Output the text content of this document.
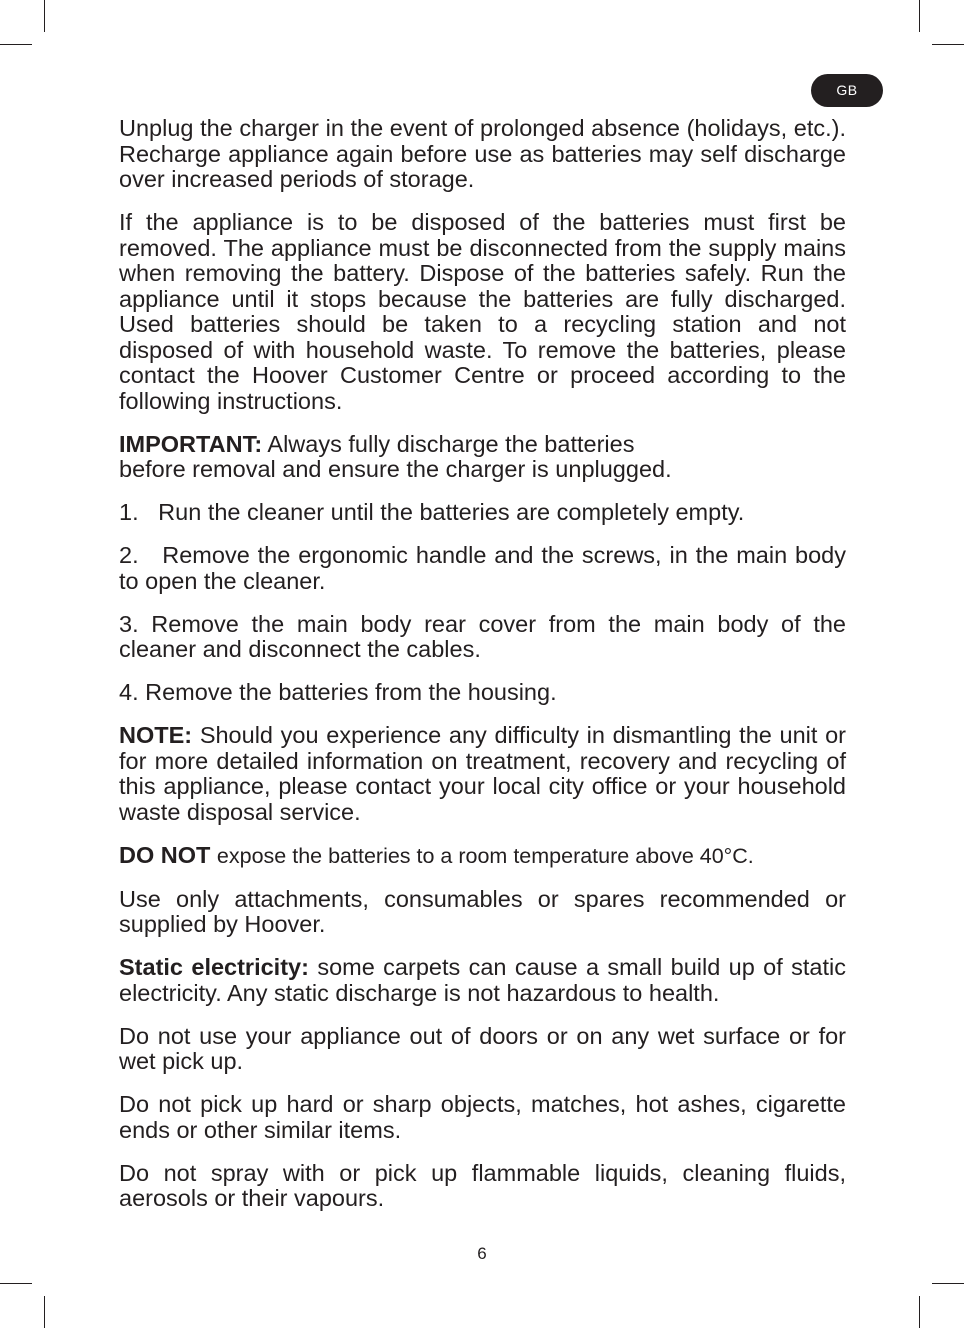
GB

Unplug the charger in the event of prolonged absence (holidays, etc.). Recharge appliance again before use as batteries may self discharge over increased periods of storage.

If the appliance is to be disposed of the batteries must first be removed. The appliance must be disconnected from the supply mains when removing the battery. Dispose of the batteries safely. Run the appliance until it stops because the batteries are fully discharged. Used batteries should be taken to a recycling station and not disposed of with household waste. To remove the batteries, please contact the Hoover Customer Centre or proceed according to the following instructions.

IMPORTANT: Always fully discharge the batteries
before removal and ensure the charger is unplugged.

1.   Run the cleaner until the batteries are completely empty.

2.   Remove the ergonomic handle and the screws, in the main body to open the cleaner.

3. Remove the main body rear cover from the main body of the cleaner and disconnect the cables.

4. Remove the batteries from the housing.

NOTE: Should you experience any difficulty in dismantling the unit or for more detailed information on treatment, recovery and recycling of this appliance, please contact your local city office or your household waste disposal service.

DO NOT expose the batteries to a room temperature above 40°C.

Use only attachments, consumables or spares recommended or supplied by Hoover.

Static electricity: some carpets can cause a small build up of static electricity. Any static discharge is not hazardous to health.

Do not use your appliance out of doors or on any wet surface or for wet pick up.

Do not pick up hard or sharp objects, matches, hot ashes, cigarette ends or other similar items.

Do not spray with or pick up flammable liquids, cleaning fluids, aerosols or their vapours.

6
